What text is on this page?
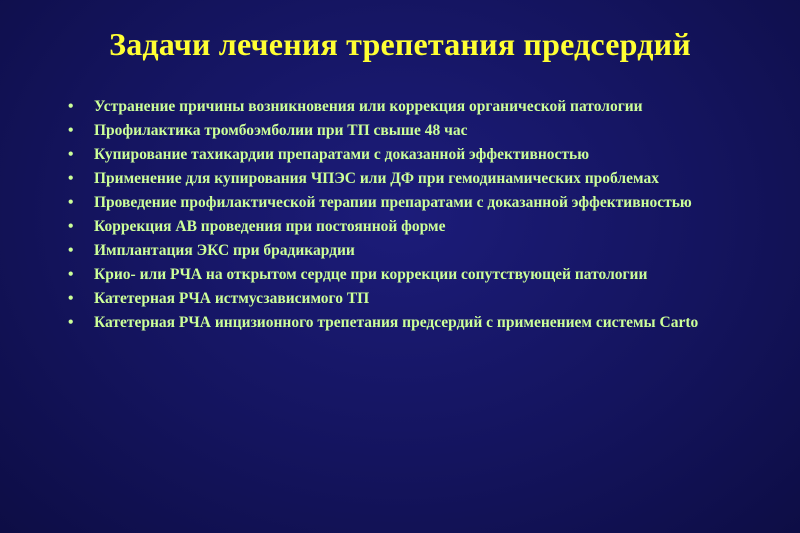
Задачи лечения трепетания предсердий
• Устранение причины возникновения или коррекция органической патологии
• Профилактика тромбоэмболии при ТП свыше 48 час
• Купирование тахикардии препаратами с доказанной эффективностью
• Применение для купирования ЧПЭС или ДФ при гемодинамических проблемах
• Проведение профилактической терапии препаратами с доказанной эффективностью
• Коррекция АВ проведения при постоянной форме
• Имплантация ЭКС при брадикардии
• Крио- или РЧА на открытом сердце при коррекции сопутствующей патологии
• Катетерная РЧА истмусзависимого ТП
• Катетерная РЧА инцизионного трепетания предсердий с применением системы Carto
